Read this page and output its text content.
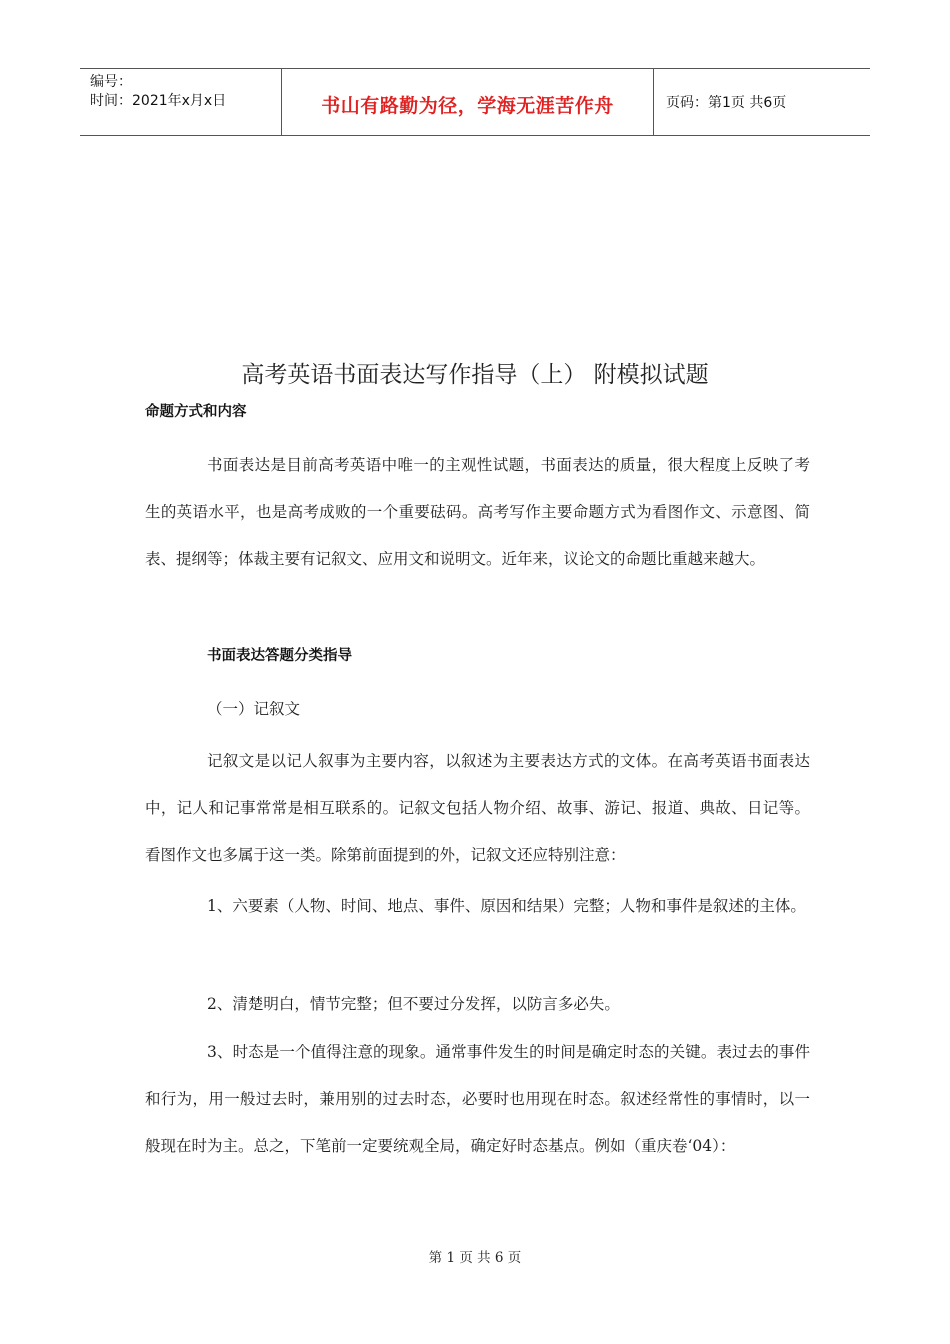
编号：
时间：2021年x月x日	书山有路勤为径，学海无涯苦作舟	页码：第1页 共6页
高考英语书面表达写作指导（上） 附模拟试题
命题方式和内容

书面表达是目前高考英语中唯一的主观性试题，书面表达的质量，很大程度上反映了考生的英语水平，也是高考成败的一个重要砝码。高考写作主要命题方式为看图作文、示意图、简表、提纲等；体裁主要有记叙文、应用文和说明文。近年来，议论文的命题比重越来越大。

书面表达答题分类指导

（一）记叙文

记叙文是以记人叙事为主要内容，以叙述为主要表达方式的文体。在高考英语书面表达中，记人和记事常常是相互联系的。记叙文包括人物介绍、故事、游记、报道、典故、日记等。看图作文也多属于这一类。除第前面提到的外，记叙文还应特别注意：

1、六要素（人物、时间、地点、事件、原因和结果）完整；人物和事件是叙述的主体。

2、清楚明白，情节完整；但不要过分发挥，以防言多必失。

3、时态是一个值得注意的现象。通常事件发生的时间是确定时态的关键。表过去的事件和行为，用一般过去时，兼用别的过去时态，必要时也用现在时态。叙述经常性的事情时，以一般现在时为主。总之，下笔前一定要统观全局，确定好时态基点。例如（重庆卷‘04）：

第 1 页 共 6 页
